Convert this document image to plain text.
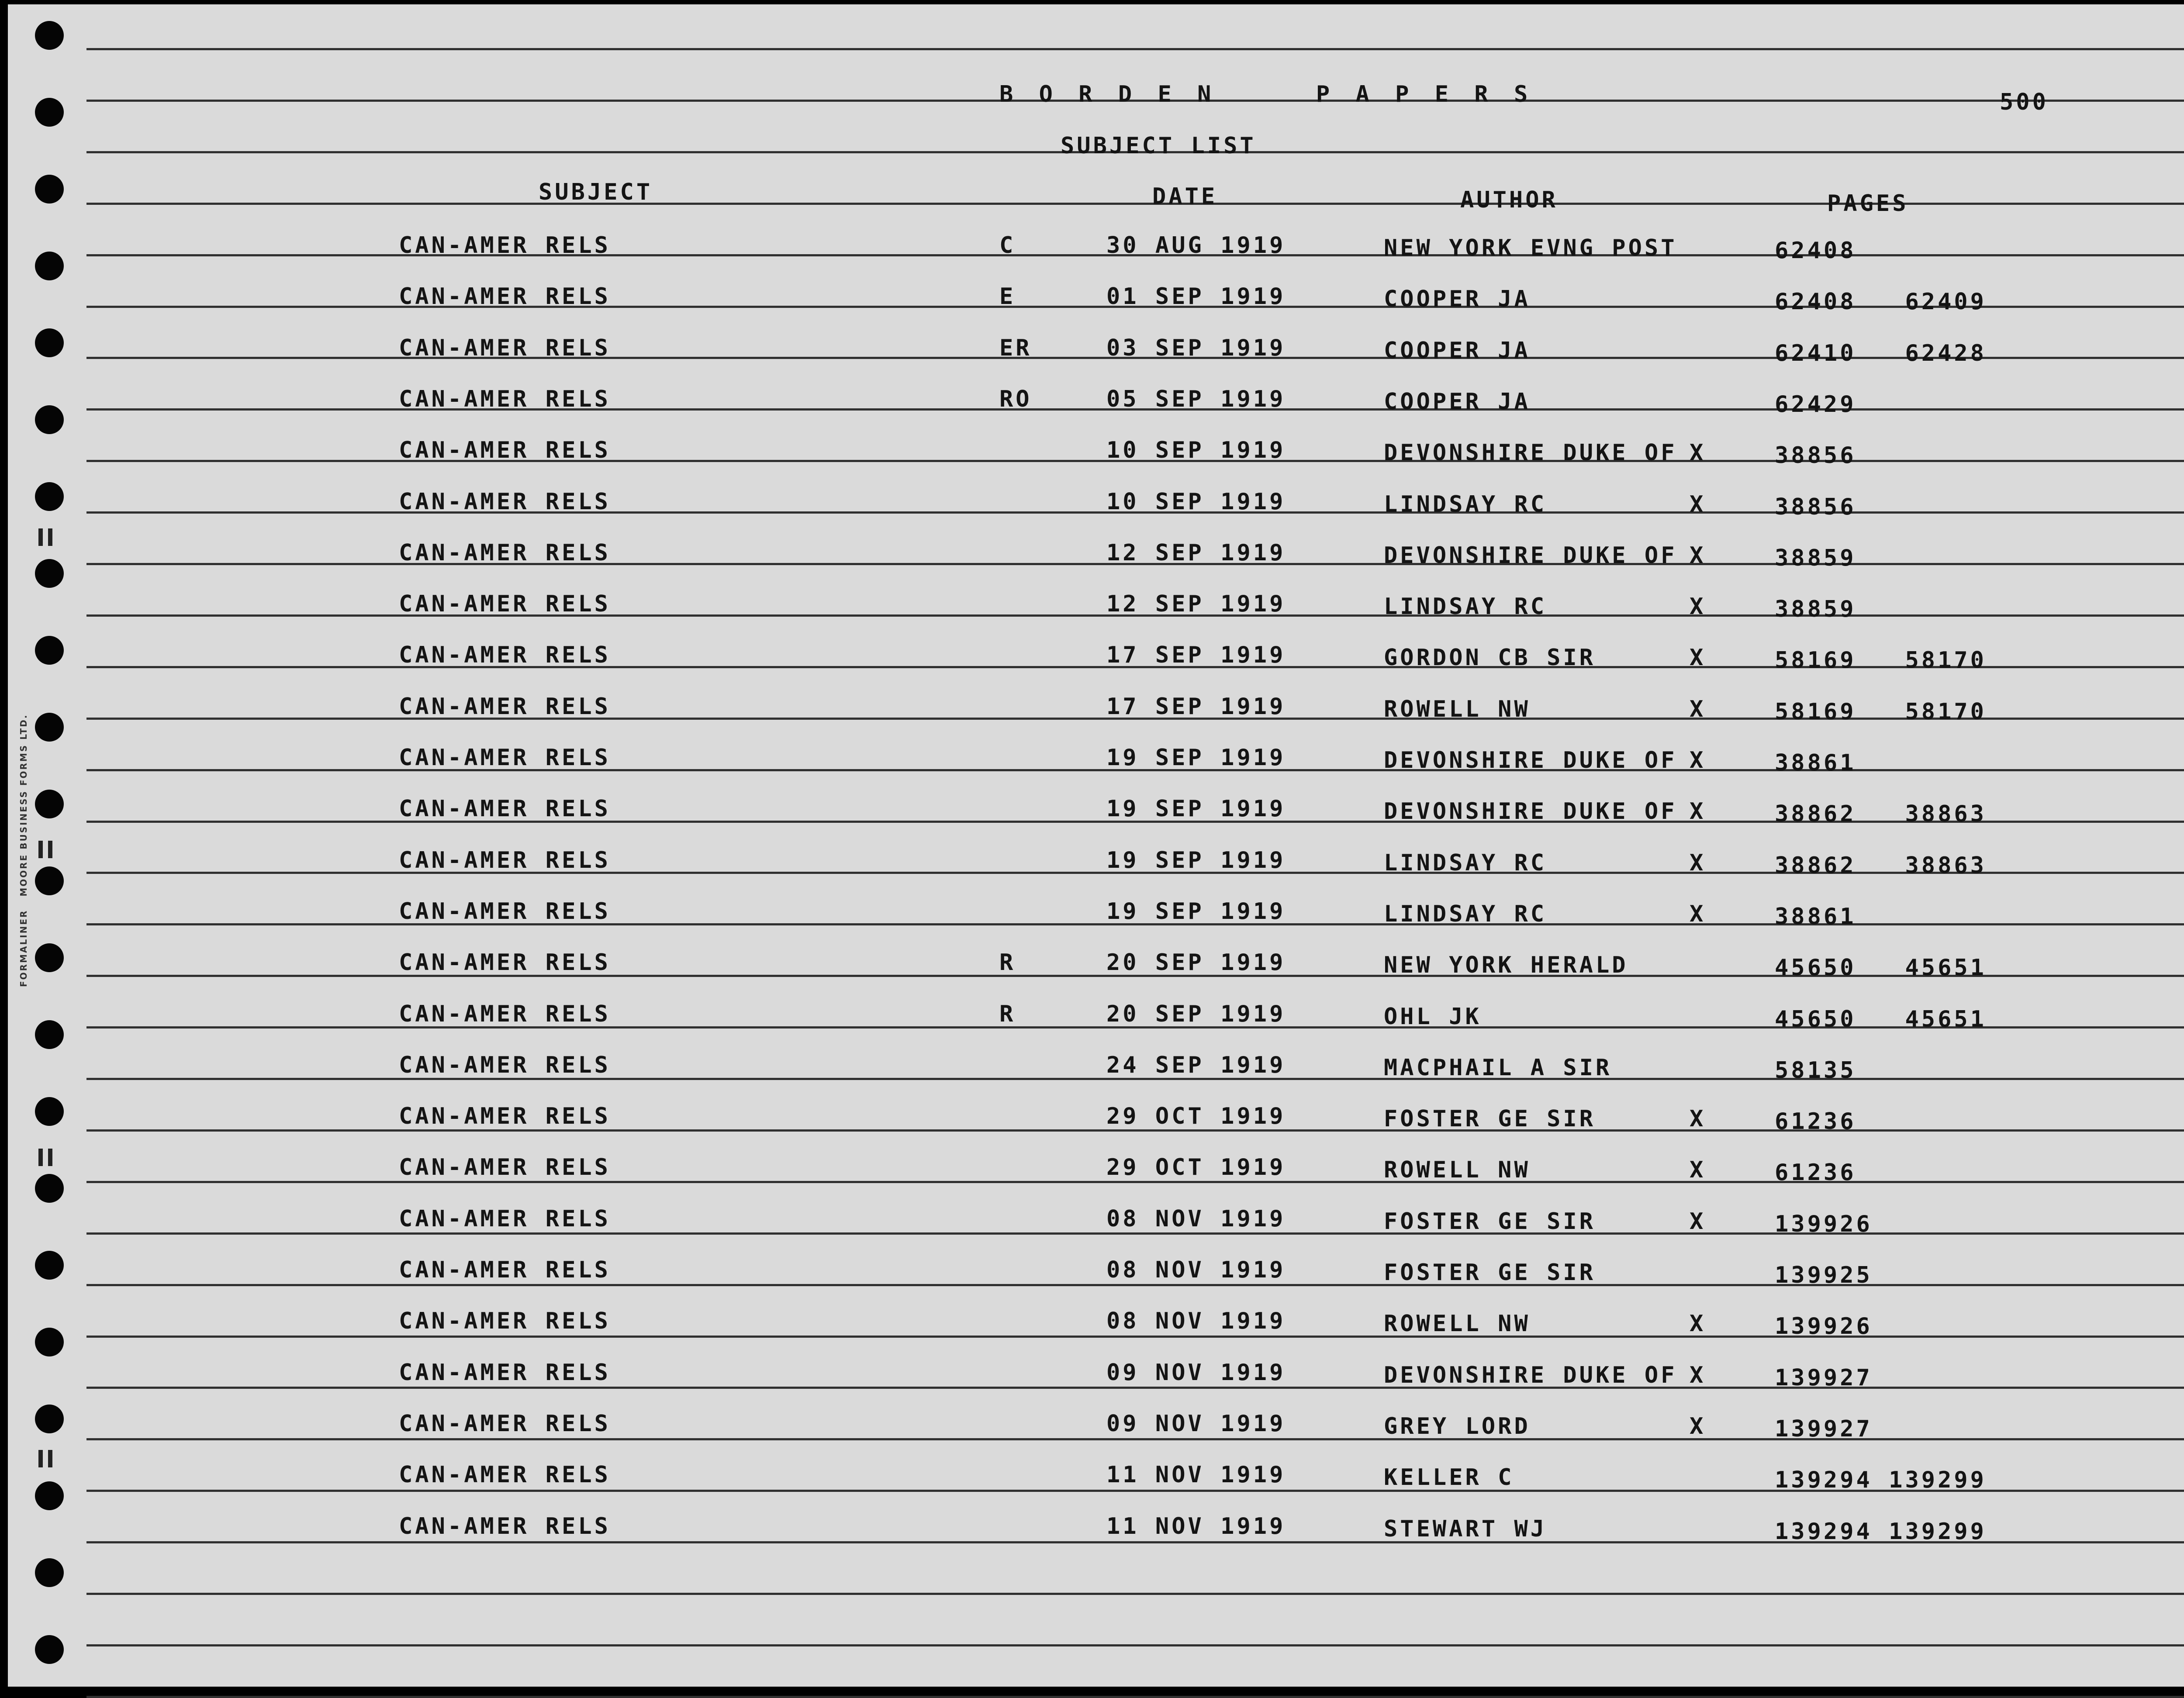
B O R D E N     P A P E R S	500
SUBJECT LIST
SUBJECT	DATE	AUTHOR	PAGES
CAN-AMER RELS	C	30 AUG 1919	NEW YORK EVNG POST	62408
CAN-AMER RELS	E	01 SEP 1919	COOPER JA	62408   62409
CAN-AMER RELS	ER	03 SEP 1919	COOPER JA	62410   62428
CAN-AMER RELS	RO	05 SEP 1919	COOPER JA	62429
CAN-AMER RELS	10 SEP 1919	DEVONSHIRE DUKE OF X	38856
CAN-AMER RELS	10 SEP 1919	LINDSAY RC	X	38856
CAN-AMER RELS	12 SEP 1919	DEVONSHIRE DUKE OF X	38859
CAN-AMER RELS	12 SEP 1919	LINDSAY RC	X	38859
CAN-AMER RELS	17 SEP 1919	GORDON CB SIR	X	58169   58170
CAN-AMER RELS	17 SEP 1919	ROWELL NW	X	58169   58170
CAN-AMER RELS	19 SEP 1919	DEVONSHIRE DUKE OF X	38861
CAN-AMER RELS	19 SEP 1919	DEVONSHIRE DUKE OF X	38862   38863
CAN-AMER RELS	19 SEP 1919	LINDSAY RC	X	38862   38863
CAN-AMER RELS	19 SEP 1919	LINDSAY RC	X	38861
CAN-AMER RELS	R	20 SEP 1919	NEW YORK HERALD	45650   45651
CAN-AMER RELS	R	20 SEP 1919	OHL JK	45650   45651
CAN-AMER RELS	24 SEP 1919	MACPHAIL A SIR	58135
CAN-AMER RELS	29 OCT 1919	FOSTER GE SIR	X	61236
CAN-AMER RELS	29 OCT 1919	ROWELL NW	X	61236
CAN-AMER RELS	08 NOV 1919	FOSTER GE SIR	X	139926
CAN-AMER RELS	08 NOV 1919	FOSTER GE SIR	139925
CAN-AMER RELS	08 NOV 1919	ROWELL NW	X	139926
CAN-AMER RELS	09 NOV 1919	DEVONSHIRE DUKE OF X	139927
CAN-AMER RELS	09 NOV 1919	GREY LORD	X	139927
CAN-AMER RELS	11 NOV 1919	KELLER C	139294 139299
CAN-AMER RELS	11 NOV 1919	STEWART WJ	139294 139299
FORMALINER   MOORE BUSINESS FORMS LTD.
